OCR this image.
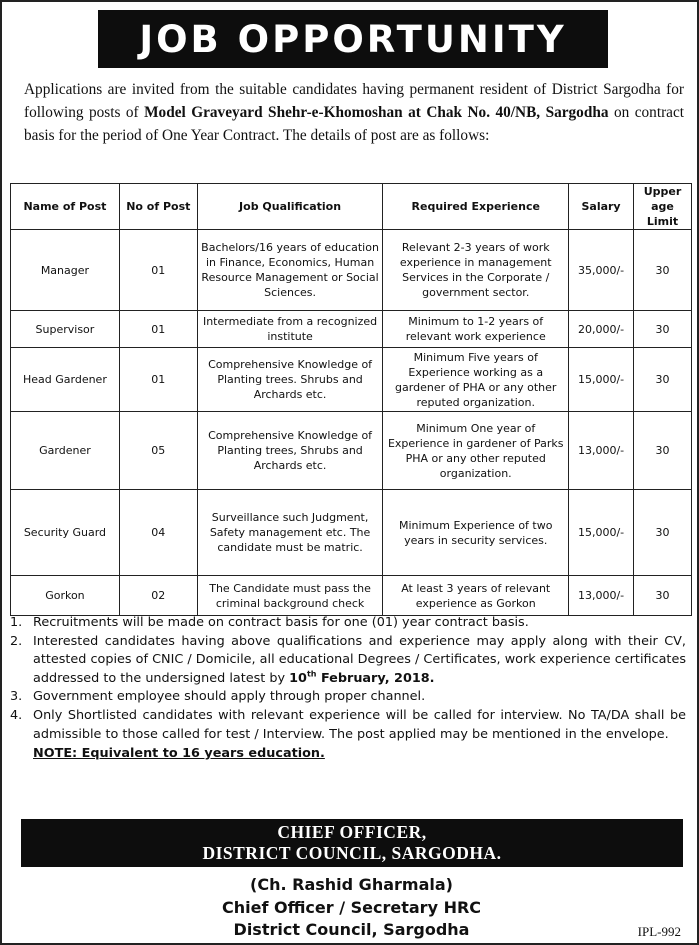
JOB OPPORTUNITY

Applications are invited from the suitable candidates having permanent resident of District Sargodha for following posts of Model Graveyard Shehr-e-Khomoshan at Chak No. 40/NB, Sargodha on contract basis for the period of One Year Contract. The details of post are as follows:

Name of Post	No of Post	Job Qualification	Required Experience	Salary	Upper age Limit
Manager	01	Bachelors/16 years of education in Finance, Economics, Human Resource Management or Social Sciences.	Relevant 2-3 years of work experience in management Services in the Corporate / government sector.	35,000/-	30
Supervisor	01	Intermediate from a recognized institute	Minimum to 1-2 years of relevant work experience	20,000/-	30
Head Gardener	01	Comprehensive Knowledge of Planting trees. Shrubs and Archards etc.	Minimum Five years of Experience working as a gardener of PHA or any other reputed organization.	15,000/-	30
Gardener	05	Comprehensive Knowledge of Planting trees, Shrubs and Archards etc.	Minimum One year of Experience in gardener of Parks PHA or any other reputed organization.	13,000/-	30
Security Guard	04	Surveillance such Judgment, Safety management etc. The candidate must be matric.	Minimum Experience of two years in security services.	15,000/-	30
Gorkon	02	The Candidate must pass the criminal background check	At least 3 years of relevant experience as Gorkon	13,000/-	30
1. Recruitments will be made on contract basis for one (01) year contract basis.
2. Interested candidates having above qualifications and experience may apply along with their CV, attested copies of CNIC / Domicile, all educational Degrees / Certificates, work experience certificates addressed to the undersigned latest by 10th February, 2018.
3. Government employee should apply through proper channel.
4. Only Shortlisted candidates with relevant experience will be called for interview. No TA/DA shall be admissible to those called for test / Interview. The post applied may be mentioned in the envelope.
NOTE: Equivalent to 16 years education.
CHIEF OFFICER,
DISTRICT COUNCIL, SARGODHA.
(Ch. Rashid Gharmala)
Chief Officer / Secretary HRC
District Council, Sargodha	IPL-992
